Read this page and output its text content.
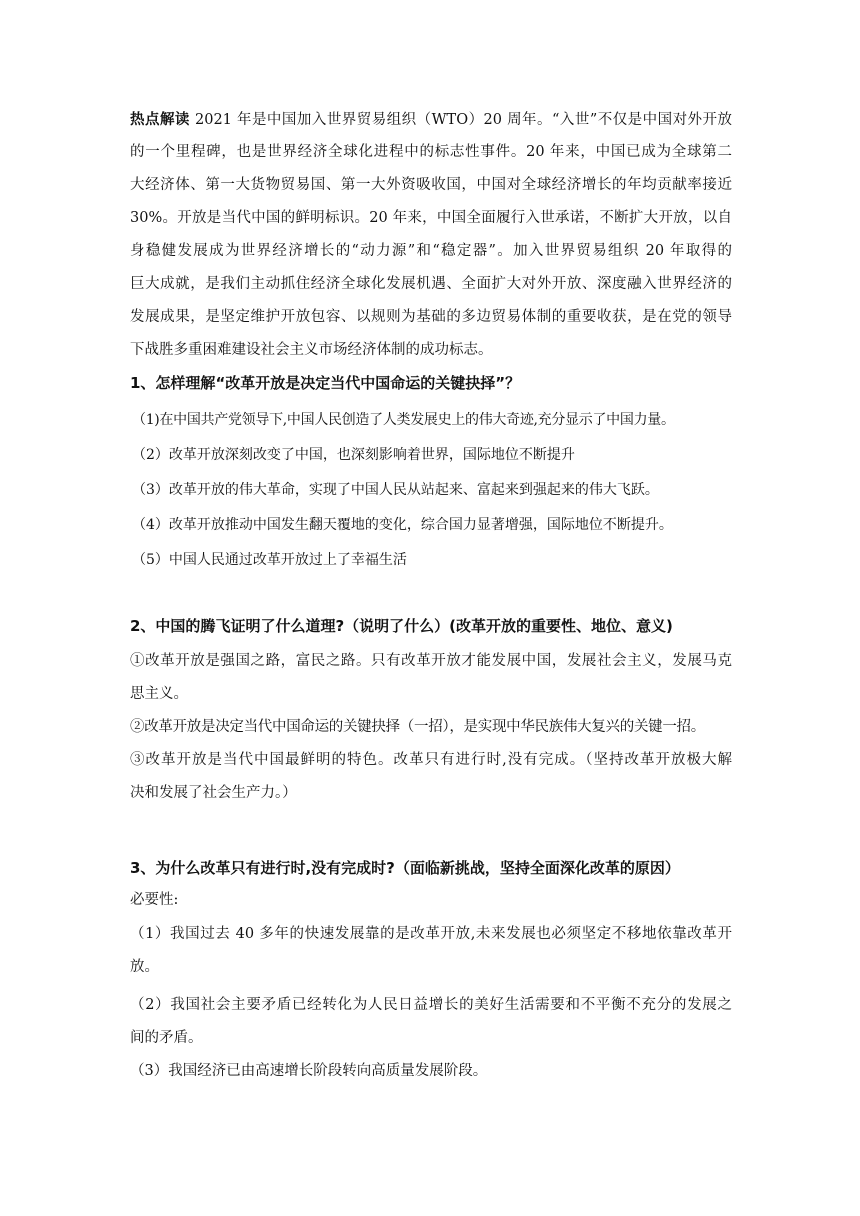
热点解读 2021 年是中国加入世界贸易组织（WTO）20 周年。“入世”不仅是中国对外开放
的一个里程碑，也是世界经济全球化进程中的标志性事件。20 年来，中国已成为全球第二
大经济体、第一大货物贸易国、第一大外资吸收国，中国对全球经济增长的年均贡献率接近
30%。开放是当代中国的鲜明标识。20 年来，中国全面履行入世承诺，不断扩大开放，以自
身稳健发展成为世界经济增长的“动力源”和“稳定器”。加入世界贸易组织 20 年取得的
巨大成就，是我们主动抓住经济全球化发展机遇、全面扩大对外开放、深度融入世界经济的
发展成果，是坚定维护开放包容、以规则为基础的多边贸易体制的重要收获，是在党的领导
下战胜多重困难建设社会主义市场经济体制的成功标志。
1、怎样理解“改革开放是决定当代中国命运的关键抉择”？
（1)在中国共产党领导下,中国人民创造了人类发展史上的伟大奇迹,充分显示了中国力量。
（2）改革开放深刻改变了中国，也深刻影响着世界，国际地位不断提升
（3）改革开放的伟大革命，实现了中国人民从站起来、富起来到强起来的伟大飞跃。
（4）改革开放推动中国发生翻天覆地的变化，综合国力显著增强，国际地位不断提升。
（5）中国人民通过改革开放过上了幸福生活
2、中国的腾飞证明了什么道理?（说明了什么）(改革开放的重要性、地位、意义)
①改革开放是强国之路，富民之路。只有改革开放才能发展中国，发展社会主义，发展马克
思主义。
②改革开放是决定当代中国命运的关键抉择（一招），是实现中华民族伟大复兴的关键一招。
③改革开放是当代中国最鲜明的特色。改革只有进行时,没有完成。（坚持改革开放极大解
决和发展了社会生产力。）
3、为什么改革只有进行时,没有完成时?（面临新挑战，坚持全面深化改革的原因）
必要性:
（1）我国过去 40 多年的快速发展靠的是改革开放,未来发展也必须坚定不移地依靠改革开
放。
（2）我国社会主要矛盾已经转化为人民日益增长的美好生活需要和不平衡不充分的发展之
间的矛盾。
（3）我国经济已由高速增长阶段转向高质量发展阶段。
